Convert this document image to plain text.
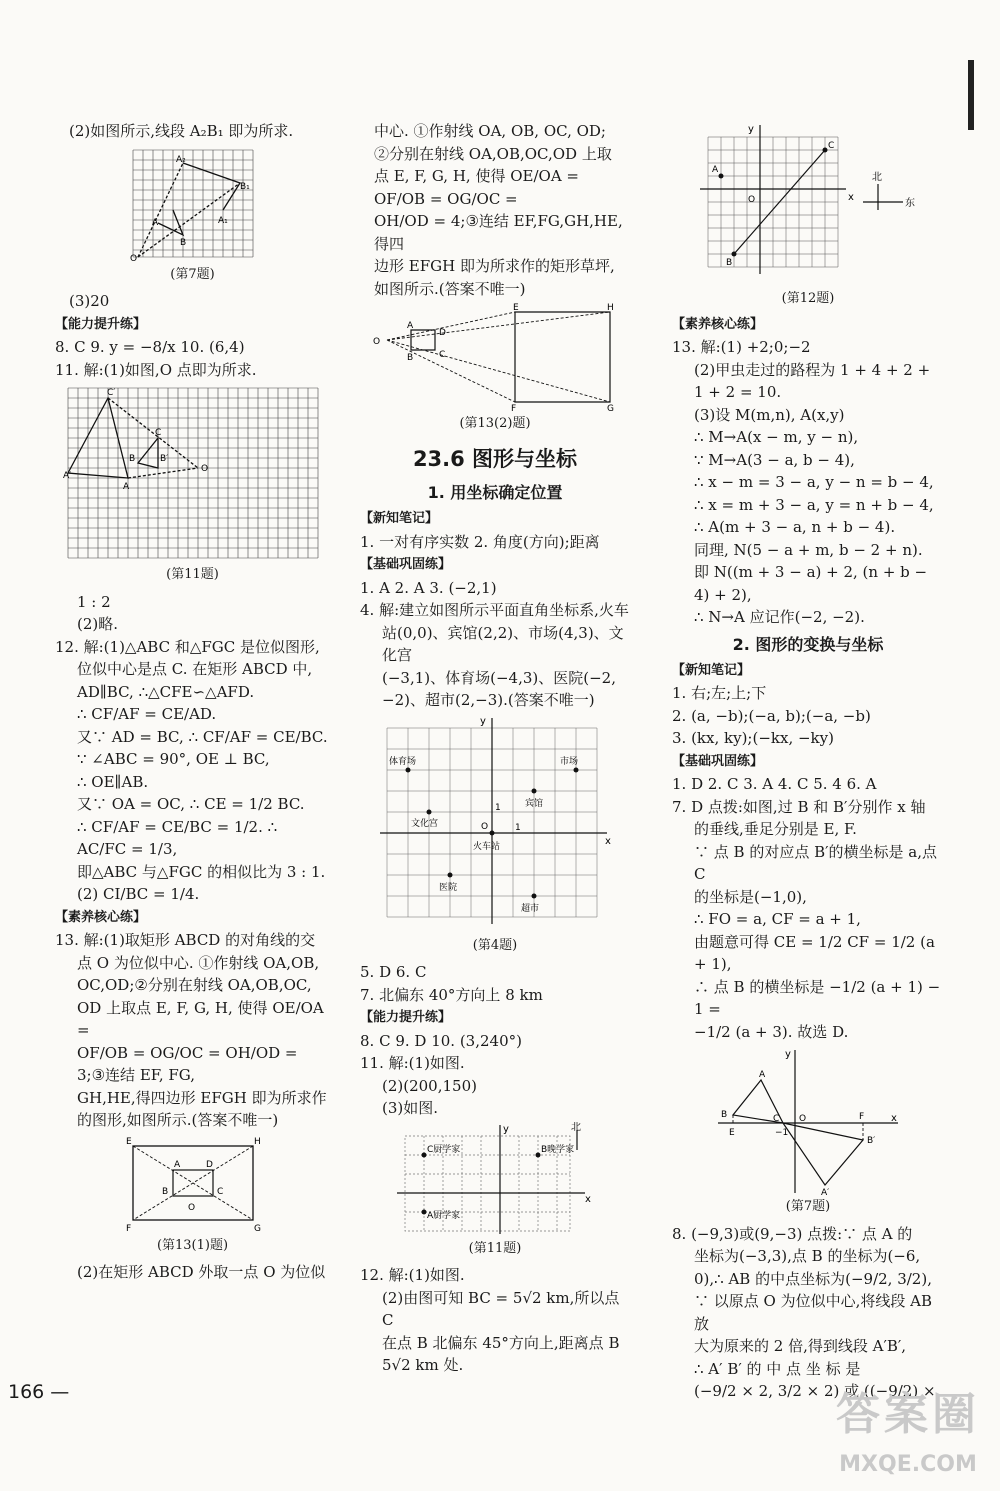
(2)如图所示,线段 A₂B₁ 即为所求.

A₂
B₁
A
B
A₁
O

(第7题)

(3)20

【能力提升练】

8. C 9. y = −8/x 10. (6,4)

11. 解:(1)如图,O 点即为所求.

C′
C
B	B′
A′
A
O

(第11题)

1 : 2

(2)略.

12. 解:(1)△ABC 和△FGC 是位似图形,

位似中心是点 C. 在矩形 ABCD 中,

AD∥BC, ∴△CFE∽△AFD.

∴ CF/AF = CE/AD.

又∵ AD = BC, ∴ CF/AF = CE/BC.

∵ ∠ABC = 90°, OE ⊥ BC,

∴ OE∥AB.

又∵ OA = OC, ∴ CE = 1/2 BC.

∴ CF/AF = CE/BC = 1/2. ∴ AC/FC = 1/3,

即△ABC 与△FGC 的相似比为 3 : 1.

(2) CI/BC = 1/4.

【素养核心练】

13. 解:(1)取矩形 ABCD 的对角线的交

点 O 为位似中心. ①作射线 OA,OB,

OC,OD;②分别在射线 OA,OB,OC,

OD 上取点 E, F, G, H, 使得 OE/OA =

OF/OB = OG/OC = OH/OD = 3;③连结 EF, FG,

GH,HE,得四边形 EFGH 即为所求作

的图形,如图所示.(答案不唯一)

E	H
A	D
B	C
O
F	G

(第13(1)题)

(2)在矩形 ABCD 外取一点 O 为位似

中心. ①作射线 OA, OB, OC, OD;

②分别在射线 OA,OB,OC,OD 上取

点 E, F, G, H, 使得 OE/OA = OF/OB = OG/OC =

OH/OD = 4;③连结 EF,FG,GH,HE,得四

边形 EFGH 即为所求作的矩形草坪,

如图所示.(答案不唯一)

O
A
D
B	C
E	H
F	G

(第13(2)题)

23.6 图形与坐标

1. 用坐标确定位置

【新知笔记】

1. 一对有序实数 2. 角度(方向);距离

【基础巩固练】

1. A 2. A 3. (−2,1)

4. 解:建立如图所示平面直角坐标系,火车

站(0,0)、宾馆(2,2)、市场(4,3)、文化宫

(−3,1)、体育场(−4,3)、医院(−2,

−2)、超市(2,−3).(答案不唯一)

y
x
O
1
1
体育场	市场
宾馆
文化宫
火车站
医院
超市

(第4题)

5. D 6. C

7. 北偏东 40°方向上 8 km

【能力提升练】

8. C 9. D 10. (3,240°)

11. 解:(1)如图.

(2)(200,150)

(3)如图.

y
x
北
C厨学家	B晚学家
A厨学家

(第11题)

12. 解:(1)如图.

(2)由图可知 BC = 5√2 km,所以点 C

在点 B 北偏东 45°方向上,距离点 B

5√2 km 处.

y
x
O
A
C
B
北
东

(第12题)

【素养核心练】

13. 解:(1) +2;0;−2

(2)甲虫走过的路程为 1 + 4 + 2 +

1 + 2 = 10.

(3)设 M(m,n), A(x,y)

∴ M→A(x − m, y − n),

∵ M→A(3 − a, b − 4),

∴ x − m = 3 − a, y − n = b − 4,

∴ x = m + 3 − a, y = n + b − 4,

∴ A(m + 3 − a, n + b − 4).

同理, N(5 − a + m, b − 2 + n).

即 N((m + 3 − a) + 2, (n + b − 4) + 2),

∴ N→A 应记作(−2, −2).

2. 图形的变换与坐标

【新知笔记】

1. 右;左;上;下

2. (a, −b);(−a, b);(−a, −b)

3. (kx, ky);(−kx, −ky)

【基础巩固练】

1. D 2. C 3. A 4. C 5. 4 6. A

7. D 点拨:如图,过 B 和 B′分别作 x 轴

的垂线,垂足分别是 E, F.

∵ 点 B 的对应点 B′的横坐标是 a,点 C

的坐标是(−1,0),

∴ FO = a, CF = a + 1,

由题意可得 CE = 1/2 CF = 1/2 (a + 1),

∴ 点 B 的横坐标是 −1/2 (a + 1) − 1 =

−1/2 (a + 3). 故选 D.

y
x
A
B	C O
E	−1
F
B′
A′

(第7题)

8. (−9,3)或(9,−3) 点拨:∵ 点 A 的

坐标为(−3,3),点 B 的坐标为(−6,

0),∴ AB 的中点坐标为(−9/2, 3/2),

∵ 以原点 O 为位似中心,将线段 AB 放

大为原来的 2 倍,得到线段 A′B′,

∴ A′ B′ 的 中 点 坐 标 是

(−9/2 × 2, 3/2 × 2) 或 ((−9/2) ×

166 —	答案圈
MXQE.COM
